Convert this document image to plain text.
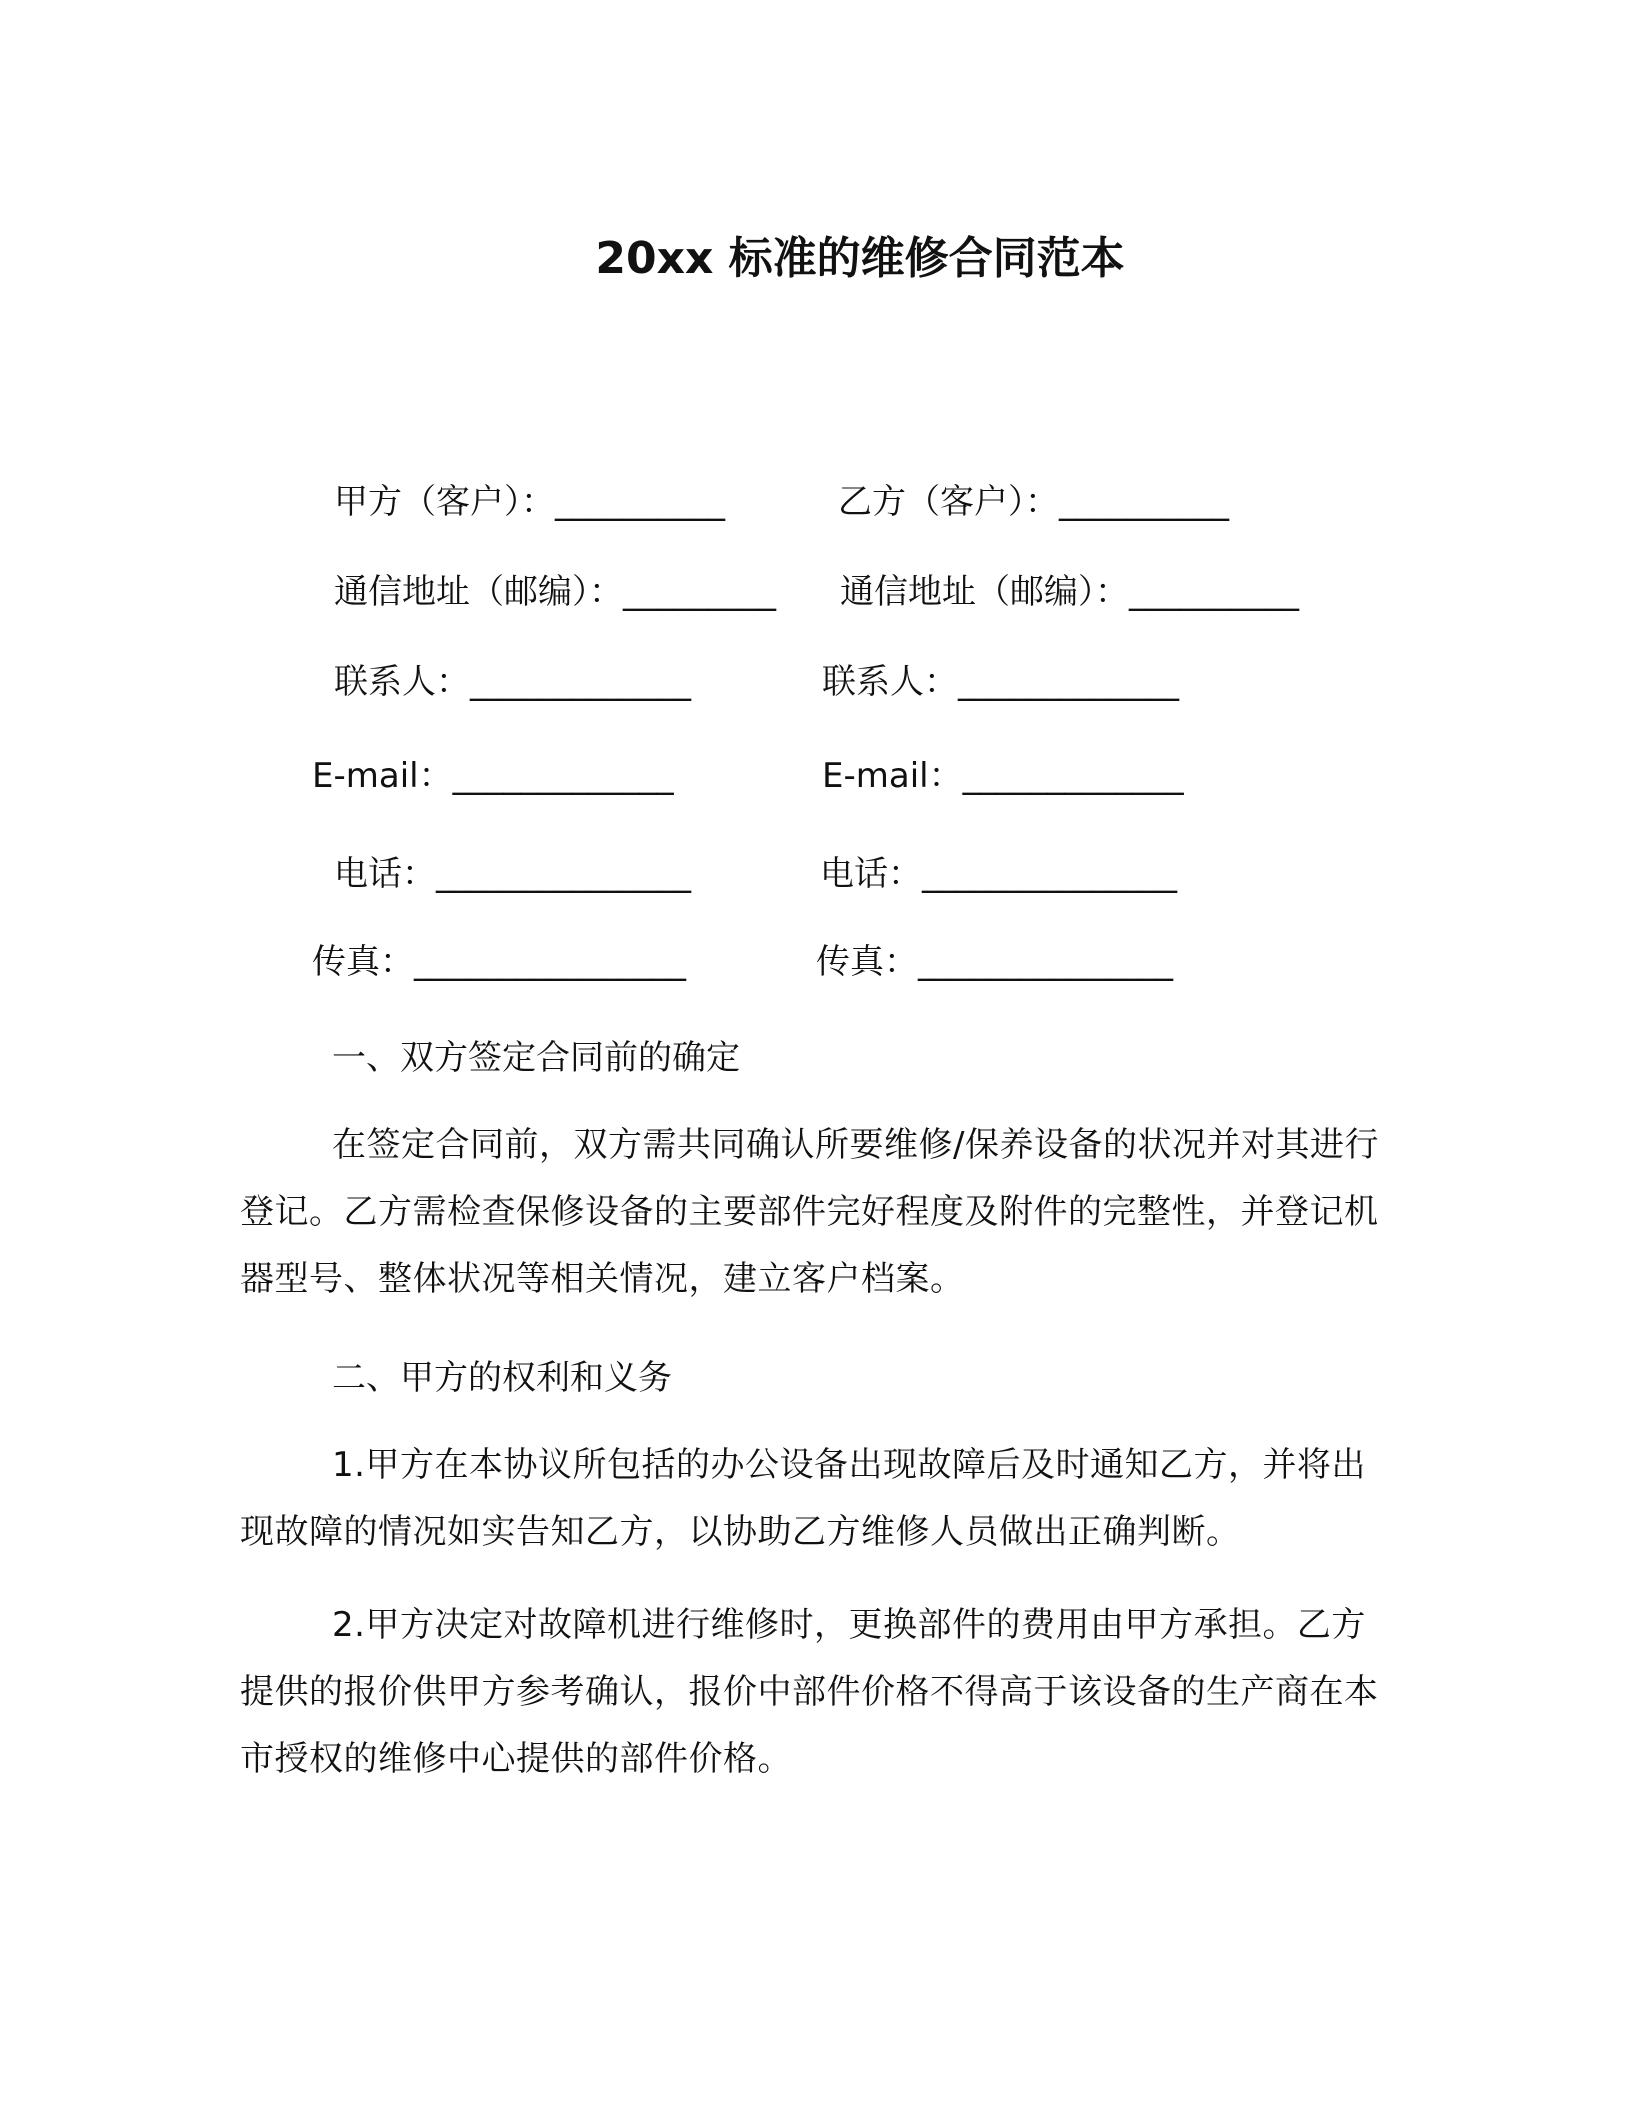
20xx 标准的维修合同范本
甲方（客户）：__________
通信地址（邮编）：_________
联系人：_____________
E-mail：_____________
电话：_______________
传真：________________
乙方（客户）：__________
通信地址（邮编）：__________
联系人：_____________
E-mail：_____________
电话：_______________
传真：_______________
一、双方签定合同前的确定

在签定合同前，双方需共同确认所要维修/保养设备的状况并对其进行登记。乙方需检查保修设备的主要部件完好程度及附件的完整性，并登记机器型号、整体状况等相关情况，建立客户档案。

二、甲方的权利和义务

1.甲方在本协议所包括的办公设备出现故障后及时通知乙方，并将出现故障的情况如实告知乙方，以协助乙方维修人员做出正确判断。

2.甲方决定对故障机进行维修时，更换部件的费用由甲方承担。乙方提供的报价供甲方参考确认，报价中部件价格不得高于该设备的生产商在本市授权的维修中心提供的部件价格。
